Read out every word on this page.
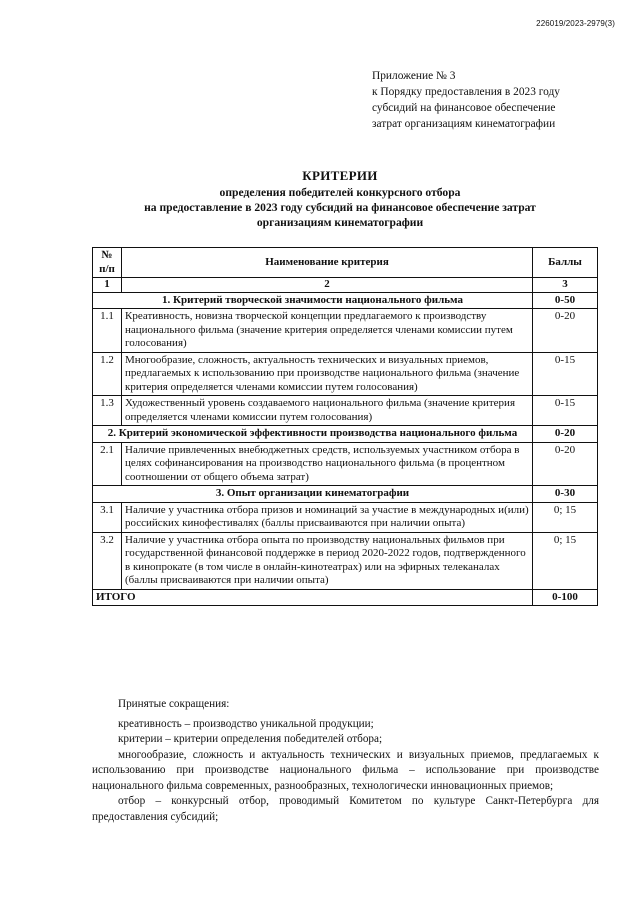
226019/2023-2979(3)
Приложение № 3
к Порядку предоставления в 2023 году
субсидий на финансовое обеспечение
затрат организациям кинематографии
КРИТЕРИИ
определения победителей конкурсного отбора
на предоставление в 2023 году субсидий на финансовое обеспечение затрат
организациям кинематографии
№ п/п	Наименование критерия	Баллы
1	2	3
1. Критерий творческой значимости национального фильма		0-50
1.1	Креативность, новизна творческой концепции предлагаемого к производству национального фильма (значение критерия определяется членами комиссии путем голосования)	0-20
1.2	Многообразие, сложность, актуальность технических и визуальных приемов, предлагаемых к использованию при производстве национального фильма (значение критерия определяется членами комиссии путем голосования)	0-15
1.3	Художественный уровень создаваемого национального фильма (значение критерия определяется членами комиссии путем голосования)	0-15
2. Критерий экономической эффективности производства национального фильма		0-20
2.1	Наличие привлеченных внебюджетных средств, используемых участником отбора в целях софинансирования на производство национального фильма (в процентном соотношении от общего объема затрат)	0-20
3. Опыт организации кинематографии		0-30
3.1	Наличие у участника отбора призов и номинаций за участие в международных и(или) российских кинофестивалях (баллы присваиваются при наличии опыта)	0; 15
3.2	Наличие у участника отбора опыта по производству национальных фильмов при государственной финансовой поддержке в период 2020-2022 годов, подтвержденного в кинопрокате (в том числе в онлайн-кинотеатрах) или на эфирных телеканалах (баллы присваиваются при наличии опыта)	0; 15
ИТОГО		0-100

Принятые сокращения:

креативность – производство уникальной продукции;

критерии – критерии определения победителей отбора;

многообразие, сложность и актуальность технических и визуальных приемов, предлагаемых к использованию при производстве национального фильма – использование при производстве национального фильма современных, разнообразных, технологически инновационных приемов;

отбор – конкурсный отбор, проводимый Комитетом по культуре Санкт-Петербурга для предоставления субсидий;
